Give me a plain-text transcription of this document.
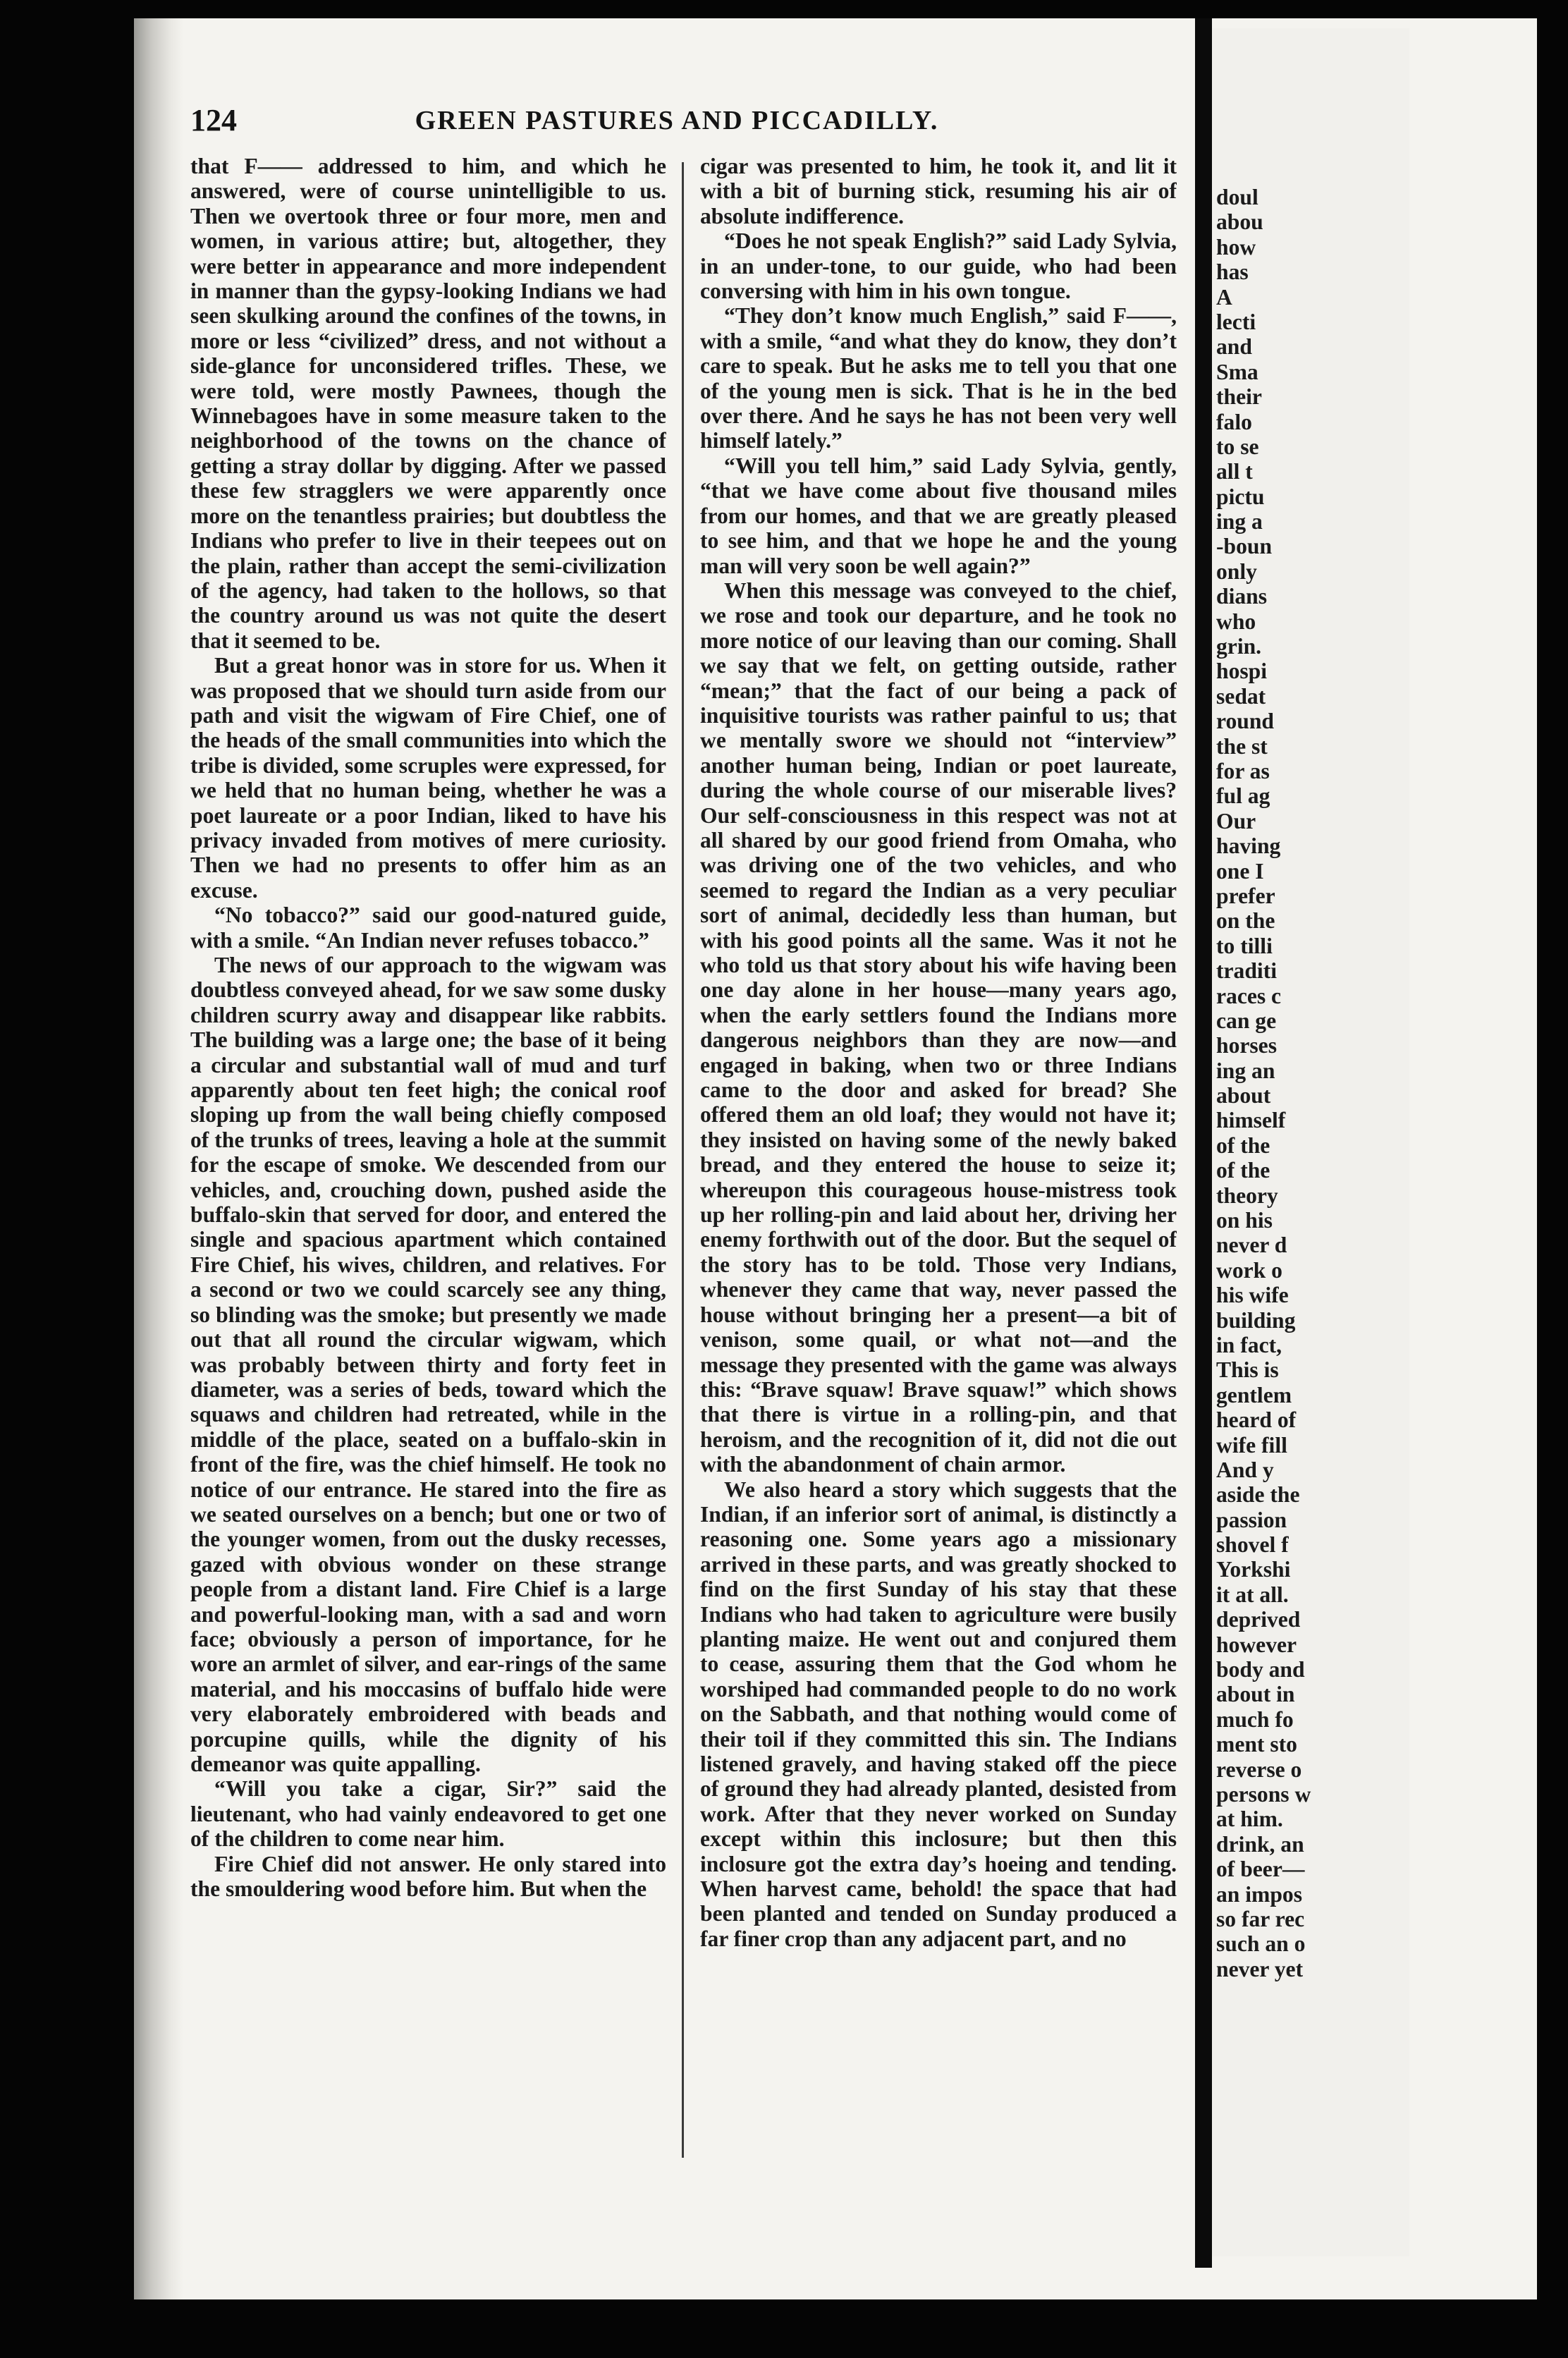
124	GREEN PASTURES AND PICCADILLY.

that F—— addressed to him, and which he answered, were of course unintelligible to us. Then we overtook three or four more, men and women, in various attire; but, altogether, they were better in appearance and more independent in manner than the gypsy-looking Indians we had seen skulking around the confines of the towns, in more or less “civilized” dress, and not without a side-glance for unconsidered trifles. These, we were told, were mostly Pawnees, though the Winnebagoes have in some measure taken to the neighborhood of the towns on the chance of getting a stray dollar by digging. After we passed these few stragglers we were apparently once more on the tenantless prairies; but doubtless the Indians who prefer to live in their teepees out on the plain, rather than accept the semi-civilization of the agency, had taken to the hollows, so that the country around us was not quite the desert that it seemed to be.

But a great honor was in store for us. When it was proposed that we should turn aside from our path and visit the wigwam of Fire Chief, one of the heads of the small communities into which the tribe is divided, some scruples were expressed, for we held that no human being, whether he was a poet laureate or a poor Indian, liked to have his privacy invaded from motives of mere curiosity. Then we had no presents to offer him as an excuse.

“No tobacco?” said our good-natured guide, with a smile. “An Indian never refuses tobacco.”

The news of our approach to the wigwam was doubtless conveyed ahead, for we saw some dusky children scurry away and disappear like rabbits. The building was a large one; the base of it being a circular and substantial wall of mud and turf apparently about ten feet high; the conical roof sloping up from the wall being chiefly composed of the trunks of trees, leaving a hole at the summit for the escape of smoke. We descended from our vehicles, and, crouching down, pushed aside the buffalo-skin that served for door, and entered the single and spacious apartment which contained Fire Chief, his wives, children, and relatives. For a second or two we could scarcely see any thing, so blinding was the smoke; but presently we made out that all round the circular wigwam, which was probably between thirty and forty feet in diameter, was a series of beds, toward which the squaws and children had retreated, while in the middle of the place, seated on a buffalo-skin in front of the fire, was the chief himself. He took no notice of our entrance. He stared into the fire as we seated ourselves on a bench; but one or two of the younger women, from out the dusky recesses, gazed with obvious wonder on these strange people from a distant land. Fire Chief is a large and powerful-looking man, with a sad and worn face; obviously a person of importance, for he wore an armlet of silver, and ear-rings of the same material, and his moccasins of buffalo hide were very elaborately embroidered with beads and porcupine quills, while the dignity of his demeanor was quite appalling.

“Will you take a cigar, Sir?” said the lieutenant, who had vainly endeavored to get one of the children to come near him.

Fire Chief did not answer. He only stared into the smouldering wood before him. But when the

cigar was presented to him, he took it, and lit it with a bit of burning stick, resuming his air of absolute indifference.

“Does he not speak English?” said Lady Sylvia, in an under-tone, to our guide, who had been conversing with him in his own tongue.

“They don’t know much English,” said F——, with a smile, “and what they do know, they don’t care to speak. But he asks me to tell you that one of the young men is sick. That is he in the bed over there. And he says he has not been very well himself lately.”

“Will you tell him,” said Lady Sylvia, gently, “that we have come about five thousand miles from our homes, and that we are greatly pleased to see him, and that we hope he and the young man will very soon be well again?”

When this message was conveyed to the chief, we rose and took our departure, and he took no more notice of our leaving than our coming. Shall we say that we felt, on getting outside, rather “mean;” that the fact of our being a pack of inquisitive tourists was rather painful to us; that we mentally swore we should not “interview” another human being, Indian or poet laureate, during the whole course of our miserable lives? Our self-consciousness in this respect was not at all shared by our good friend from Omaha, who was driving one of the two vehicles, and who seemed to regard the Indian as a very peculiar sort of animal, decidedly less than human, but with his good points all the same. Was it not he who told us that story about his wife having been one day alone in her house—many years ago, when the early settlers found the Indians more dangerous neighbors than they are now—and engaged in baking, when two or three Indians came to the door and asked for bread? She offered them an old loaf; they would not have it; they insisted on having some of the newly baked bread, and they entered the house to seize it; whereupon this courageous house-mistress took up her rolling-pin and laid about her, driving her enemy forthwith out of the door. But the sequel of the story has to be told. Those very Indians, whenever they came that way, never passed the house without bringing her a present—a bit of venison, some quail, or what not—and the message they presented with the game was always this: “Brave squaw! Brave squaw!” which shows that there is virtue in a rolling-pin, and that heroism, and the recognition of it, did not die out with the abandonment of chain armor.

We also heard a story which suggests that the Indian, if an inferior sort of animal, is distinctly a reasoning one. Some years ago a missionary arrived in these parts, and was greatly shocked to find on the first Sunday of his stay that these Indians who had taken to agriculture were busily planting maize. He went out and conjured them to cease, assuring them that the God whom he worshiped had commanded people to do no work on the Sabbath, and that nothing would come of their toil if they committed this sin. The Indians listened gravely, and having staked off the piece of ground they had already planted, desisted from work. After that they never worked on Sunday except within this inclosure; but then this inclosure got the extra day’s hoeing and tending. When harvest came, behold! the space that had been planted and tended on Sunday produced a far finer crop than any adjacent part, and no

doul
abou
how
has
A
lecti
and
Sma
their
falo
to se
all t
pictu
ing a
-boun
only
dians
who
grin.
hospi
sedat
round
the st
for as
ful ag
Our
having
one I
prefer
on the
to tilli
traditi
races c
can ge
horses
ing an
about
himself
of the
of the
theory
on his
never d
work o
his wife
building
in fact,
This is
gentlem
heard of
wife fill
And y
aside the
passion
shovel f
Yorkshi
it at all.
deprived
however
body and
about in
much fo
ment sto
reverse o
persons w
at him.
drink, an
of beer—
an impos
so far rec
such an o
never yet
